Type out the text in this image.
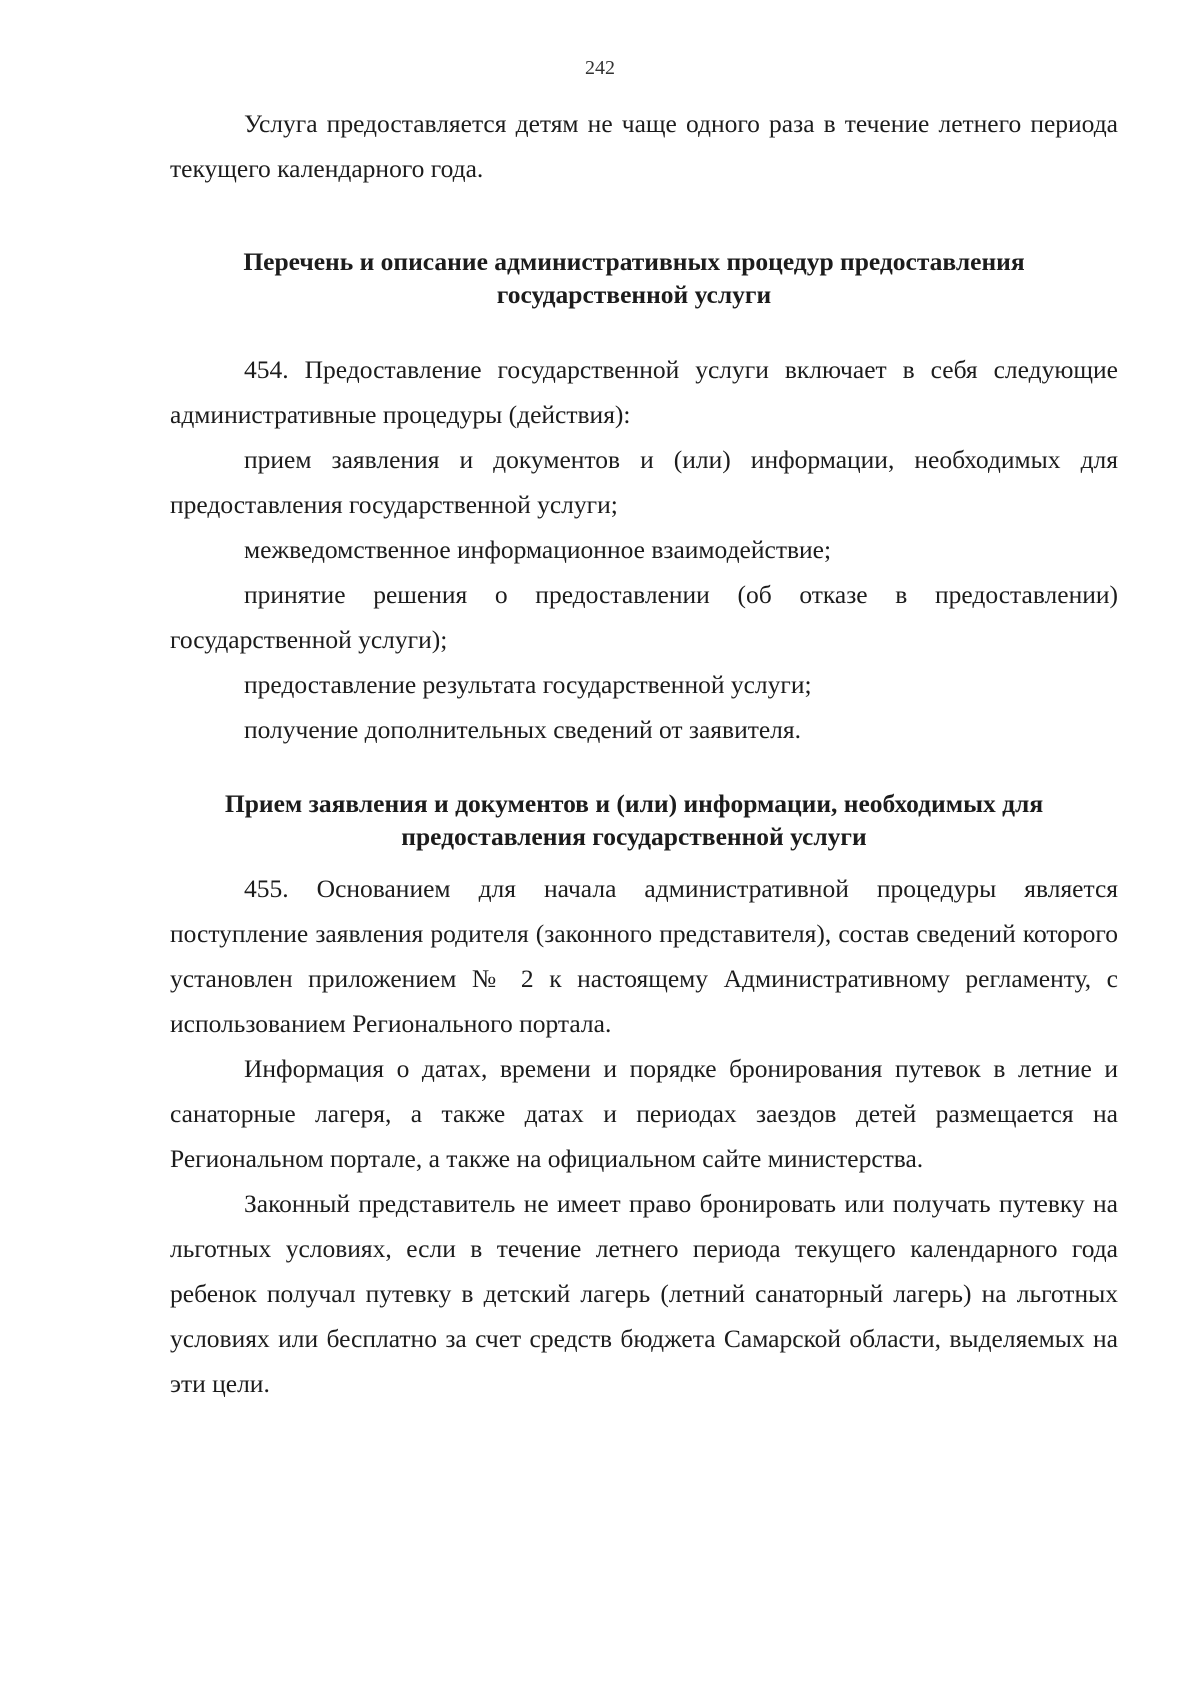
242

Услуга предоставляется детям не чаще одного раза в течение летнего периода текущего календарного года.

Перечень и описание административных процедур предоставления
государственной услуги

454. Предоставление государственной услуги включает в себя следующие административные процедуры (действия):

прием заявления и документов и (или) информации, необходимых для предоставления государственной услуги;

межведомственное информационное взаимодействие;

принятие решения о предоставлении (об отказе в предоставлении) государственной услуги);

предоставление результата государственной услуги;

получение дополнительных сведений от заявителя.

Прием заявления и документов и (или) информации, необходимых для
предоставления государственной услуги

455. Основанием для начала административной процедуры является поступление заявления родителя (законного представителя), состав сведений которого установлен приложением № 2 к настоящему Административному регламенту, с использованием Регионального портала.

Информация о датах, времени и порядке бронирования путевок в летние и санаторные лагеря, а также датах и периодах заездов детей размещается на Региональном портале, а также на официальном сайте министерства.

Законный представитель не имеет право бронировать или получать путевку на льготных условиях, если в течение летнего периода текущего календарного года ребенок получал путевку в детский лагерь (летний санаторный лагерь) на льготных условиях или бесплатно за счет средств бюджета Самарской области, выделяемых на эти цели.
